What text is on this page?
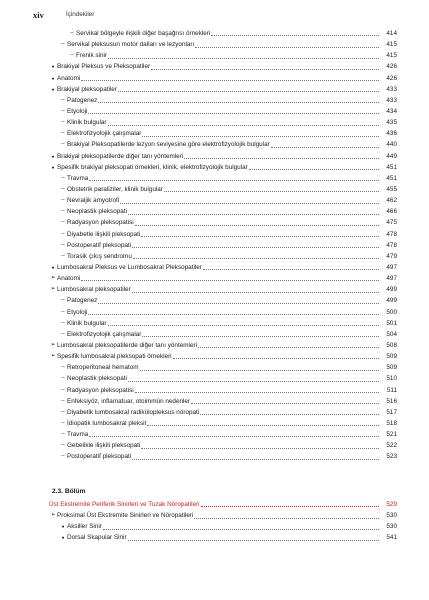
xiv	İçindekiler
– Servikal bölgeyle ilişkili diğer başağrısı örnekleri	414
– Servikal pleksusun motor dalları ve lezyonları	415
– Frenik sinir	415
● Brakiyal Pleksus ve Pleksopatiler	426
● Anatomi	426
● Brakiyal pleksopatiler	433
– Patogenez	433
– Etyoloji	434
– Klinik bulgular	435
– Elektrofizyolojik çalışmalar	436
– Brakiyal Pleksopatilerde lezyon seviyesine göre elektrofizyolojik bulgular	440
● Brakiyal pleksopatilerde diğer tanı yöntemleri	449
● Spesifik brakiyal pleksopati örnekleri, klinik, elektrofizyolojik bulgular	451
– Travma	451
– Obstetrik paraliziler, klinik bulgular	455
– Nevraljik amyotrofi	462
– Neoplastik pleksopati	466
– Radyasyon pleksopatisi	475
– Diyabetle ilişkili pleksopati	478
– Postoperatif pleksopati	478
– Torasik çıkış sendromu	479
● Lumbosakral Pleksus ve Lumbosakral Pleksopatiler	497
➢ Anatomi	497
➢ Lumbosakral pleksopatiler	499
– Patogenez	499
– Etyoloji	500
– Klinik bulgular	501
– Elektrofizyolojik çalışmalar	504
➢ Lumbosakral pleksopatilerde diğer tanı yöntemleri	508
➢ Spesifik lumbosakral pleksopati örnekleri	509
– Retroperitoneal hematom	509
– Neoplastik pleksopati	510
– Radyasyon pleksopatisi	511
– Enfeksiyöz, inflamatuar, otoimmün nedenler	516
– Diyabetik lumbosakral radikülopleksus nöropati	517
– İdiopatik lumbosakral pleksit	518
– Travma	521
– Gebelikle ilişkili pleksopati	522
– Postoperatif pleksopati	523
2.3. Bölüm
Üst Ekstremite Periferik Sinirleri ve Tuzak Nöropatileri	529
➢ Proksimal Üst Ekstremite Sinirleri ve Nöropatileri	530
● Aksiller Sinir	530
● Dorsal Skapular Sinir	541
